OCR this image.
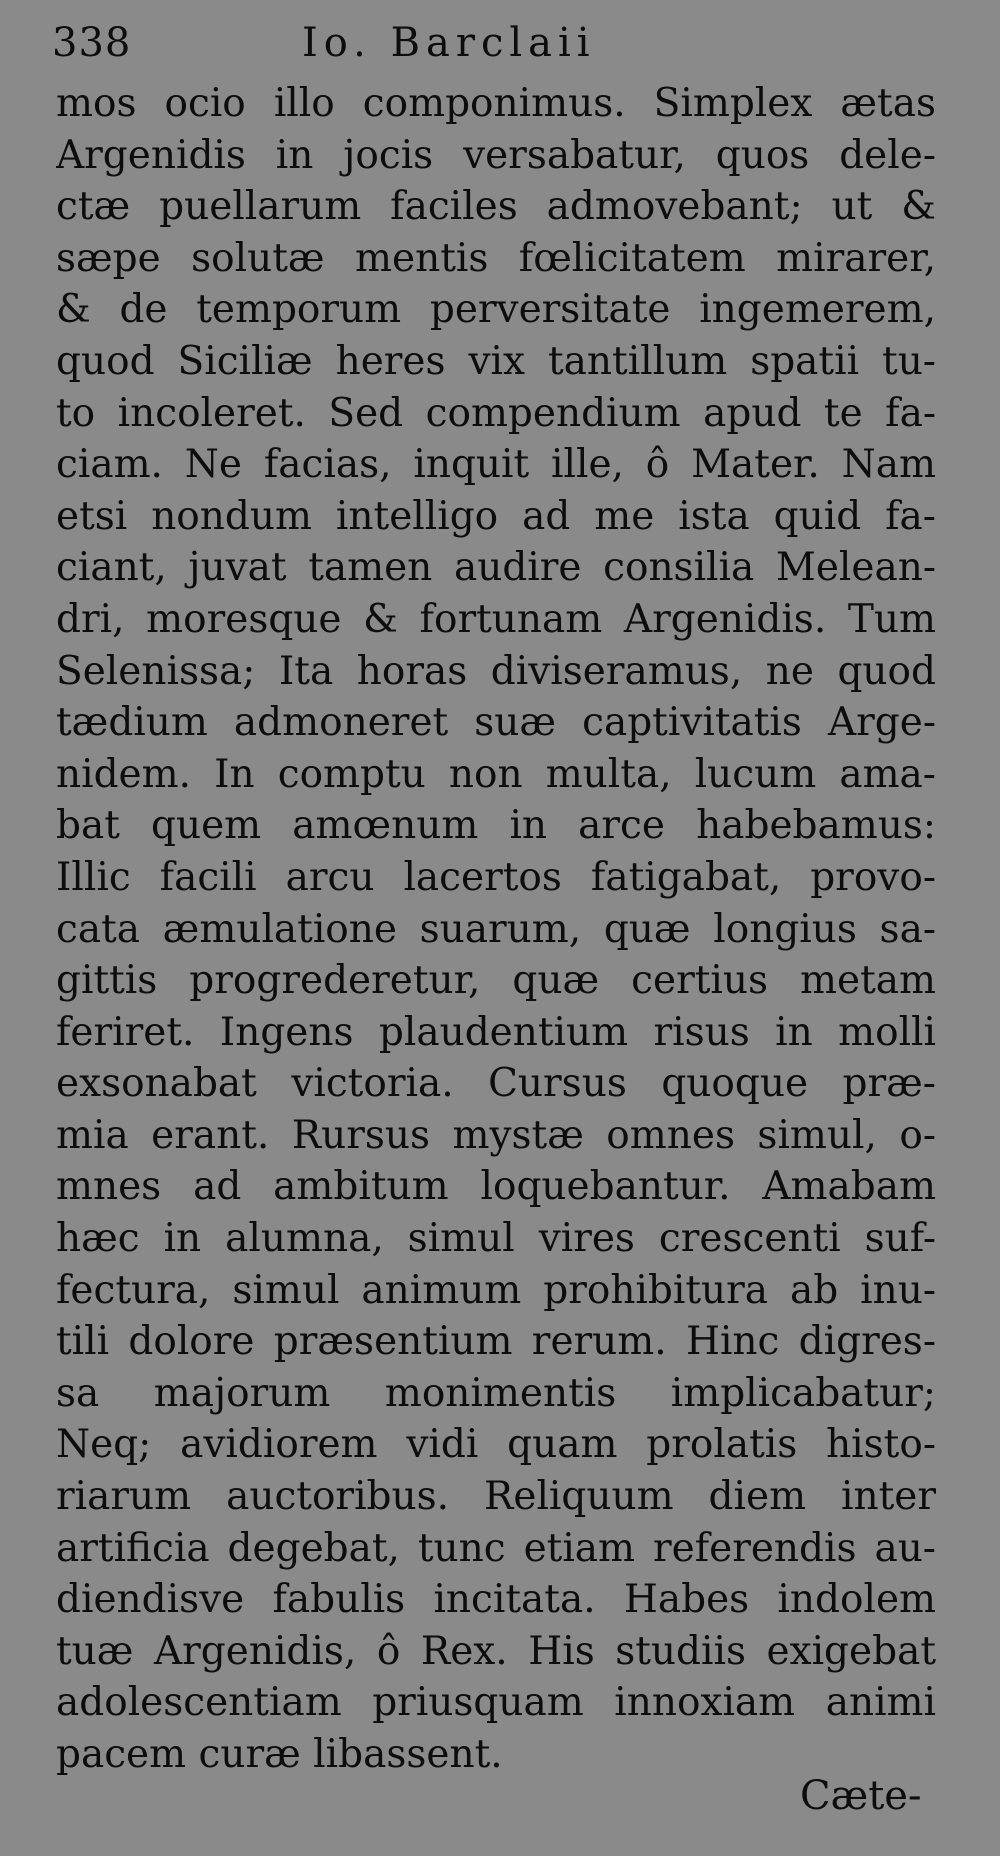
338	Io. Barclaii
mos ocio illo componimus. Simplex ætas
Argenidis in jocis versabatur, quos dele-
ctæ puellarum faciles admovebant; ut &
sæpe solutæ mentis fœlicitatem mirarer,
& de temporum perversitate ingemerem,
quod Siciliæ heres vix tantillum spatii tu-
to incoleret. Sed compendium apud te fa-
ciam. Ne facias, inquit ille, ô Mater. Nam
etsi nondum intelligo ad me ista quid fa-
ciant, juvat tamen audire consilia Melean-
dri, moresque & fortunam Argenidis. Tum
Selenissa; Ita horas diviseramus, ne quod
tædium admoneret suæ captivitatis Arge-
nidem. In comptu non multa, lucum ama-
bat quem amœnum in arce habebamus:
Illic facili arcu lacertos fatigabat, provo-
cata æmulatione suarum, quæ longius sa-
gittis progrederetur, quæ certius metam
feriret. Ingens plaudentium risus in molli
exsonabat victoria. Cursus quoque præ-
mia erant. Rursus mystæ omnes simul, o-
mnes ad ambitum loquebantur. Amabam
hæc in alumna, simul vires crescenti suf-
fectura, simul animum prohibitura ab inu-
tili dolore præsentium rerum. Hinc digres-
sa majorum monimentis implicabatur;
Neq; avidiorem vidi quam prolatis histo-
riarum auctoribus. Reliquum diem inter
artificia degebat, tunc etiam referendis au-
diendisve fabulis incitata. Habes indolem
tuæ Argenidis, ô Rex. His studiis exigebat
adolescentiam priusquam innoxiam animi
pacem curæ libassent.
Cæte-
